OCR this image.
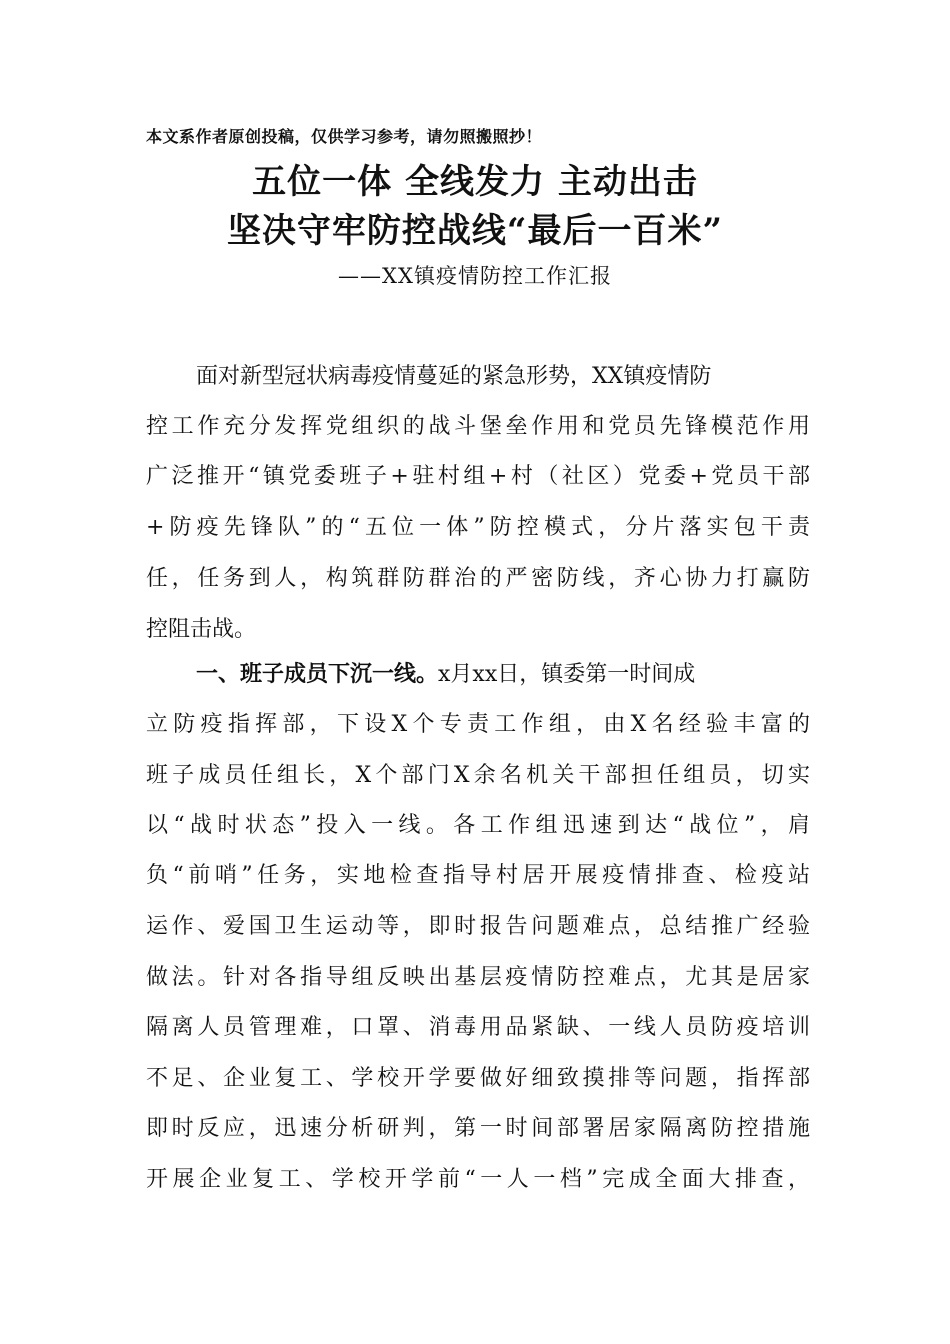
本文系作者原创投稿，仅供学习参考，请勿照搬照抄！
五位一体 全线发力 主动出击
坚决守牢防控战线“最后一百米”
——XX镇疫情防控工作汇报
面对新型冠状病毒疫情蔓延的紧急形势，XX镇疫情防
控工作充分发挥党组织的战斗堡垒作用和党员先锋模范作用
广泛推开“镇党委班子+驻村组+村（社区）党委+党员干部
+防疫先锋队”的“五位一体”防控模式，分片落实包干责
任，任务到人，构筑群防群治的严密防线，齐心协力打赢防
控阻击战。
一、班子成员下沉一线。x月xx日，镇委第一时间成
立防疫指挥部，下设X个专责工作组，由X名经验丰富的
班子成员任组长，X个部门X余名机关干部担任组员，切实
以“战时状态”投入一线。各工作组迅速到达“战位”，肩
负“前哨”任务，实地检查指导村居开展疫情排查、检疫站
运作、爱国卫生运动等，即时报告问题难点，总结推广经验
做法。针对各指导组反映出基层疫情防控难点，尤其是居家
隔离人员管理难，口罩、消毒用品紧缺、一线人员防疫培训
不足、企业复工、学校开学要做好细致摸排等问题，指挥部
即时反应，迅速分析研判，第一时间部署居家隔离防控措施
开展企业复工、学校开学前“一人一档”完成全面大排查，
